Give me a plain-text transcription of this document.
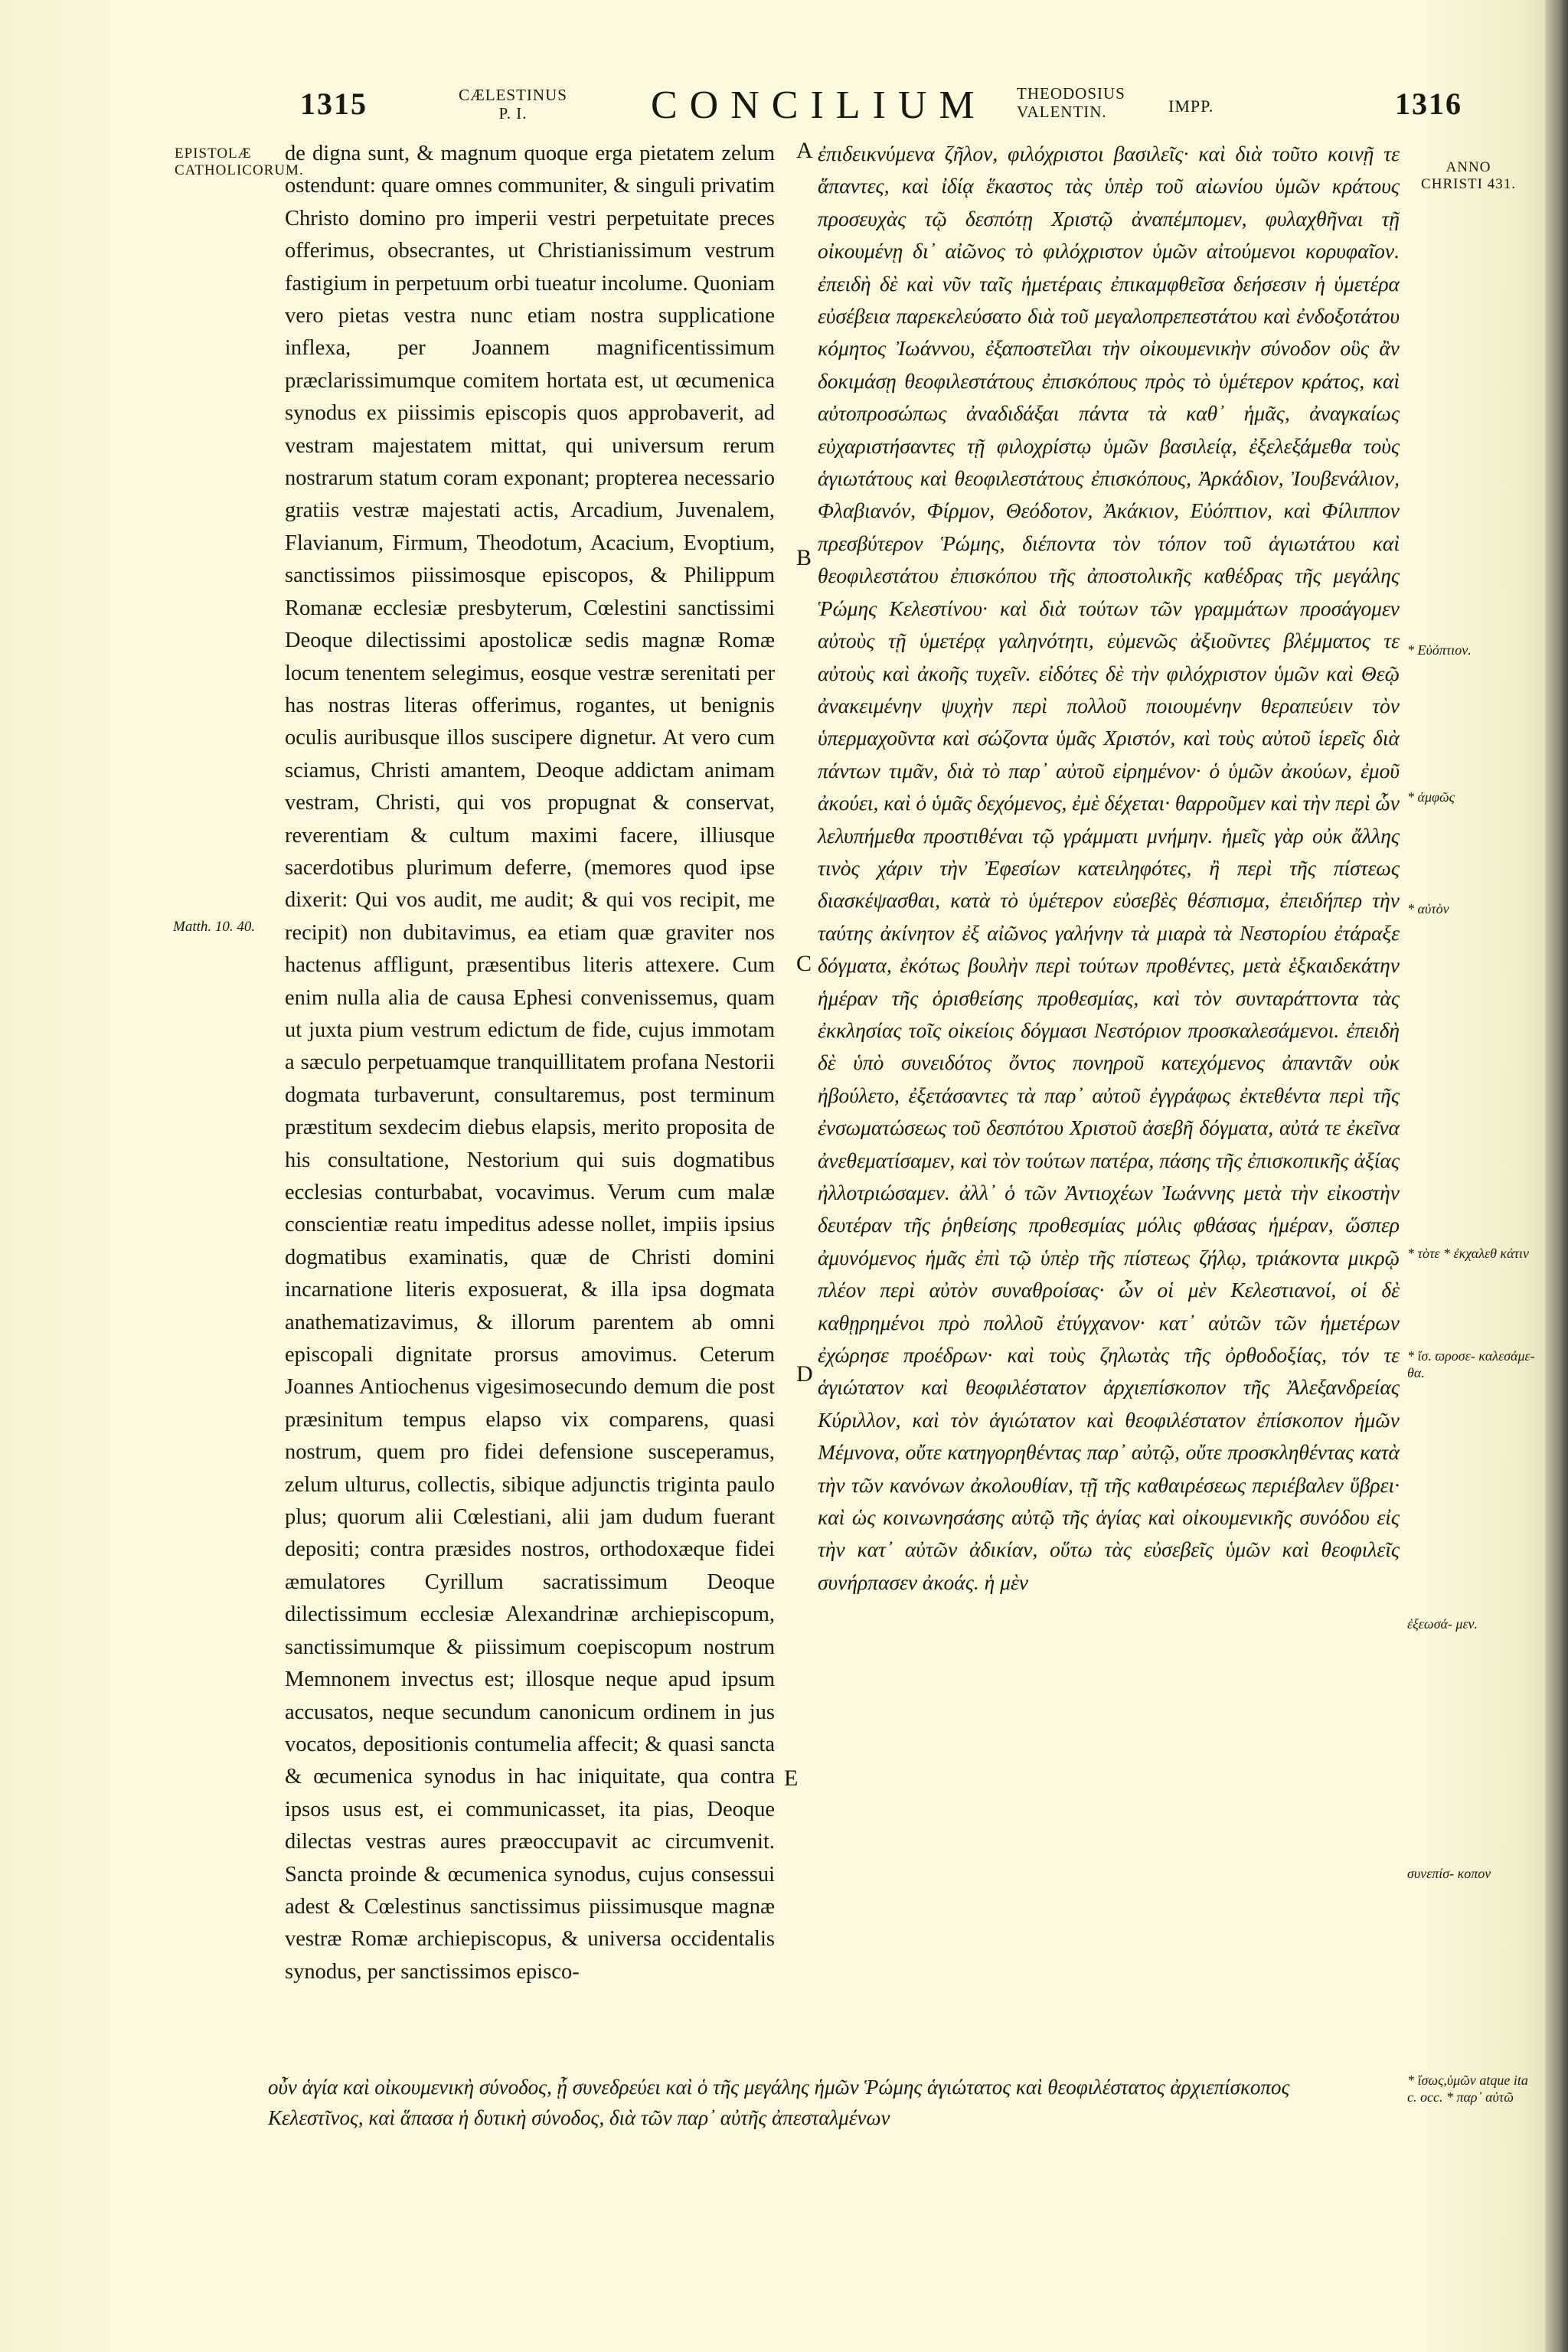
1315	CÆLESTINUS
P. I.	CONCILIUM THEODOSIUS
VALENTIN.	IMPP.	1316
EPISTOLÆ CATHOLICORUM.
Matth. 10. 40.
ANNO CHRISTI 431.
* Εὐόπτιον.
* ἀμφῶς
* αὐτὸν
* τὸτε * ἐκχαλεθ κάτιν
* ἴσ. ϖροσε- καλεσάμε- θα.
ἐξεωσά- μεν.
συνεπίσ- κοπον
* ἴσως,ὑμῶν atque ita c. occ. * παρ᾽ αὐτῶ
A
B
C
D
E

de digna sunt, & magnum quoque erga pietatem zelum ostendunt: quare omnes communiter, & singuli privatim Christo domino pro imperii vestri perpetuitate preces offerimus, obsecrantes, ut Christianissimum vestrum fastigium in perpetuum orbi tueatur incolume. Quoniam vero pietas vestra nunc etiam nostra supplicatione inflexa, per Joannem magnificentissimum præclarissimumque comitem hortata est, ut œcumenica synodus ex piissimis episcopis quos approbaverit, ad vestram majestatem mittat, qui universum rerum nostrarum statum coram exponant; propterea necessario gratiis vestræ majestati actis, Arcadium, Juvenalem, Flavianum, Firmum, Theodotum, Acacium, Evoptium, sanctissimos piissimosque episcopos, & Philippum Romanæ ecclesiæ presbyterum, Cœlestini sanctissimi Deoque dilectissimi apostolicæ sedis magnæ Romæ locum tenentem selegimus, eosque vestræ serenitati per has nostras literas offerimus, rogantes, ut benignis oculis auribusque illos suscipere dignetur. At vero cum sciamus, Christi amantem, Deoque addictam animam vestram, Christi, qui vos propugnat & conservat, reverentiam & cultum maximi facere, illiusque sacerdotibus plurimum deferre, (memores quod ipse dixerit: Qui vos audit, me audit; & qui vos recipit, me recipit) non dubitavimus, ea etiam quæ graviter nos hactenus affligunt, præsentibus literis attexere. Cum enim nulla alia de causa Ephesi convenissemus, quam ut juxta pium vestrum edictum de fide, cujus immotam a sæculo perpetuamque tranquillitatem profana Nestorii dogmata turbaverunt, consultaremus, post terminum præstitum sexdecim diebus elapsis, merito proposita de his consultatione, Nestorium qui suis dogmatibus ecclesias conturbabat, vocavimus. Verum cum malæ conscientiæ reatu impeditus adesse nollet, impiis ipsius dogmatibus examinatis, quæ de Christi domini incarnatione literis exposuerat, & illa ipsa dogmata anathematizavimus, & illorum parentem ab omni episcopali dignitate prorsus amovimus. Ceterum Joannes Antiochenus vigesimosecundo demum die post præsinitum tempus elapso vix comparens, quasi nostrum, quem pro fidei defensione susceperamus, zelum ulturus, collectis, sibique adjunctis triginta paulo plus; quorum alii Cœlestiani, alii jam dudum fuerant depositi; contra præsides nostros, orthodoxæque fidei æmulatores Cyrillum sacratissimum Deoque dilectissimum ecclesiæ Alexandrinæ archiepiscopum, sanctissimumque & piissimum coepiscopum nostrum Memnonem invectus est; illosque neque apud ipsum accusatos, neque secundum canonicum ordinem in jus vocatos, depositionis contumelia affecit; & quasi sancta & œcumenica synodus in hac iniquitate, qua contra ipsos usus est, ei communicasset, ita pias, Deoque dilectas vestras aures præoccupavit ac circumvenit. Sancta proinde & œcumenica synodus, cujus consessui adest & Cœlestinus sanctissimus piissimusque magnæ vestræ Romæ archiepiscopus, & universa occidentalis synodus, per sanctissimos episco-

ἐπιδεικνύμενα ζῆλον, φιλόχριστοι βασιλεῖς· καὶ διὰ τοῦτο κοινῇ τε ἅπαντες, καὶ ἰδίᾳ ἕκαστος τὰς ὑπὲρ τοῦ αἰωνίου ὑμῶν κράτους προσευχὰς τῷ δεσπότῃ Χριστῷ ἀναπέμπομεν, φυλαχθῆναι τῇ οἰκουμένῃ δι᾽ αἰῶνος τὸ φιλόχριστον ὑμῶν αἰτούμενοι κορυφαῖον. ἐπειδὴ δὲ καὶ νῦν ταῖς ἡμετέραις ἐπικαμφθεῖσα δεήσεσιν ἡ ὑμετέρα εὐσέβεια παρεκελεύσατο διὰ τοῦ μεγαλοπρεπεστάτου καὶ ἐνδοξοτάτου κόμητος Ἰωάννου, ἐξαποστεῖλαι τὴν οἰκουμενικὴν σύνοδον οὓς ἂν δοκιμάσῃ θεοφιλεστάτους ἐπισκόπους πρὸς τὸ ὑμέτερον κράτος, καὶ αὐτοπροσώπως ἀναδιδάξαι πάντα τὰ καθ᾽ ἡμᾶς, ἀναγκαίως εὐχαριστήσαντες τῇ φιλοχρίστῳ ὑμῶν βασιλείᾳ, ἐξελεξάμεθα τοὺς ἁγιωτάτους καὶ θεοφιλεστάτους ἐπισκόπους, Ἀρκάδιον, Ἰουβενάλιον, Φλαβιανόν, Φίρμον, Θεόδοτον, Ἀκάκιον, Εὐόπτιον, καὶ Φίλιππον πρεσβύτερον Ῥώμης, διέποντα τὸν τόπον τοῦ ἁγιωτάτου καὶ θεοφιλεστάτου ἐπισκόπου τῆς ἀποστολικῆς καθέδρας τῆς μεγάλης Ῥώμης Κελεστίνου· καὶ διὰ τούτων τῶν γραμμάτων προσάγομεν αὐτοὺς τῇ ὑμετέρᾳ γαληνότητι, εὐμενῶς ἀξιοῦντες βλέμματος τε αὐτοὺς καὶ ἀκοῆς τυχεῖν. εἰδότες δὲ τὴν φιλόχριστον ὑμῶν καὶ Θεῷ ἀνακειμένην ψυχὴν περὶ πολλοῦ ποιουμένην θεραπεύειν τὸν ὑπερμαχοῦντα καὶ σώζοντα ὑμᾶς Χριστόν, καὶ τοὺς αὐτοῦ ἱερεῖς διὰ πάντων τιμᾶν, διὰ τὸ παρ᾽ αὐτοῦ εἰρημένον· ὁ ὑμῶν ἀκούων, ἐμοῦ ἀκούει, καὶ ὁ ὑμᾶς δεχόμενος, ἐμὲ δέχεται· θαρροῦμεν καὶ τὴν περὶ ὧν λελυπήμεθα προστιθέναι τῷ γράμματι μνήμην. ἡμεῖς γὰρ οὐκ ἄλλης τινὸς χάριν τὴν Ἐφεσίων κατειληφότες, ἢ περὶ τῆς πίστεως διασκέψασθαι, κατὰ τὸ ὑμέτερον εὐσεβὲς θέσπισμα, ἐπειδήπερ τὴν ταύτης ἀκίνητον ἐξ αἰῶνος γαλήνην τὰ μιαρὰ τὰ Νεστορίου ἐτάραξε δόγματα, ἐκότως βουλὴν περὶ τούτων προθέντες, μετὰ ἑξκαιδεκάτην ἡμέραν τῆς ὁρισθείσης προθεσμίας, καὶ τὸν συνταράττοντα τὰς ἐκκλησίας τοῖς οἰκείοις δόγμασι Νεστόριον προσκαλεσάμενοι. ἐπειδὴ δὲ ὑπὸ συνειδότος ὄντος πονηροῦ κατεχόμενος ἀπαντᾶν οὐκ ἠβούλετο, ἐξετάσαντες τὰ παρ᾽ αὐτοῦ ἐγγράφως ἐκτεθέντα περὶ τῆς ἐνσωματώσεως τοῦ δεσπότου Χριστοῦ ἀσεβῆ δόγματα, αὐτά τε ἐκεῖνα ἀνεθεματίσαμεν, καὶ τὸν τούτων πατέρα, πάσης τῆς ἐπισκοπικῆς ἀξίας ἠλλοτριώσαμεν. ἀλλ᾽ ὁ τῶν Ἀντιοχέων Ἰωάννης μετὰ τὴν εἰκοστὴν δευτέραν τῆς ῥηθείσης προθεσμίας μόλις φθάσας ἡμέραν, ὥσπερ ἀμυνόμενος ἡμᾶς ἐπὶ τῷ ὑπὲρ τῆς πίστεως ζήλῳ, τριάκοντα μικρῷ πλέον περὶ αὐτὸν συναθροίσας· ὧν οἱ μὲν Κελεστιανοί, οἱ δὲ καθῃρημένοι πρὸ πολλοῦ ἐτύγχανον· κατ᾽ αὐτῶν τῶν ἡμετέρων ἐχώρησε προέδρων· καὶ τοὺς ζηλωτὰς τῆς ὀρθοδοξίας, τόν τε ἁγιώτατον καὶ θεοφιλέστατον ἀρχιεπίσκοπον τῆς Ἀλεξανδρείας Κύριλλον, καὶ τὸν ἁγιώτατον καὶ θεοφιλέστατον ἐπίσκοπον ἡμῶν Μέμνονα, οὔτε κατηγορηθέντας παρ᾽ αὐτῷ, οὔτε προσκληθέντας κατὰ τὴν τῶν κανόνων ἀκολουθίαν, τῇ τῆς καθαιρέσεως περιέβαλεν ὕβρει· καὶ ὡς κοινωνησάσης αὐτῷ τῆς ἁγίας καὶ οἰκουμενικῆς συνόδου εἰς τὴν κατ᾽ αὐτῶν ἀδικίαν, οὕτω τὰς εὐσεβεῖς ὑμῶν καὶ θεοφιλεῖς συνήρπασεν ἀκοάς. ἡ μὲν

οὖν ἁγία καὶ οἰκουμενικὴ σύνοδος, ᾗ συνεδρεύει καὶ ὁ τῆς μεγάλης ἡμῶν Ῥώμης ἁγιώτατος καὶ θεοφιλέστατος ἀρχιεπίσκοπος Κελεστῖνος, καὶ ἅπασα ἡ δυτικὴ σύνοδος, διὰ τῶν παρ᾽ αὐτῆς ἀπεσταλμένων
